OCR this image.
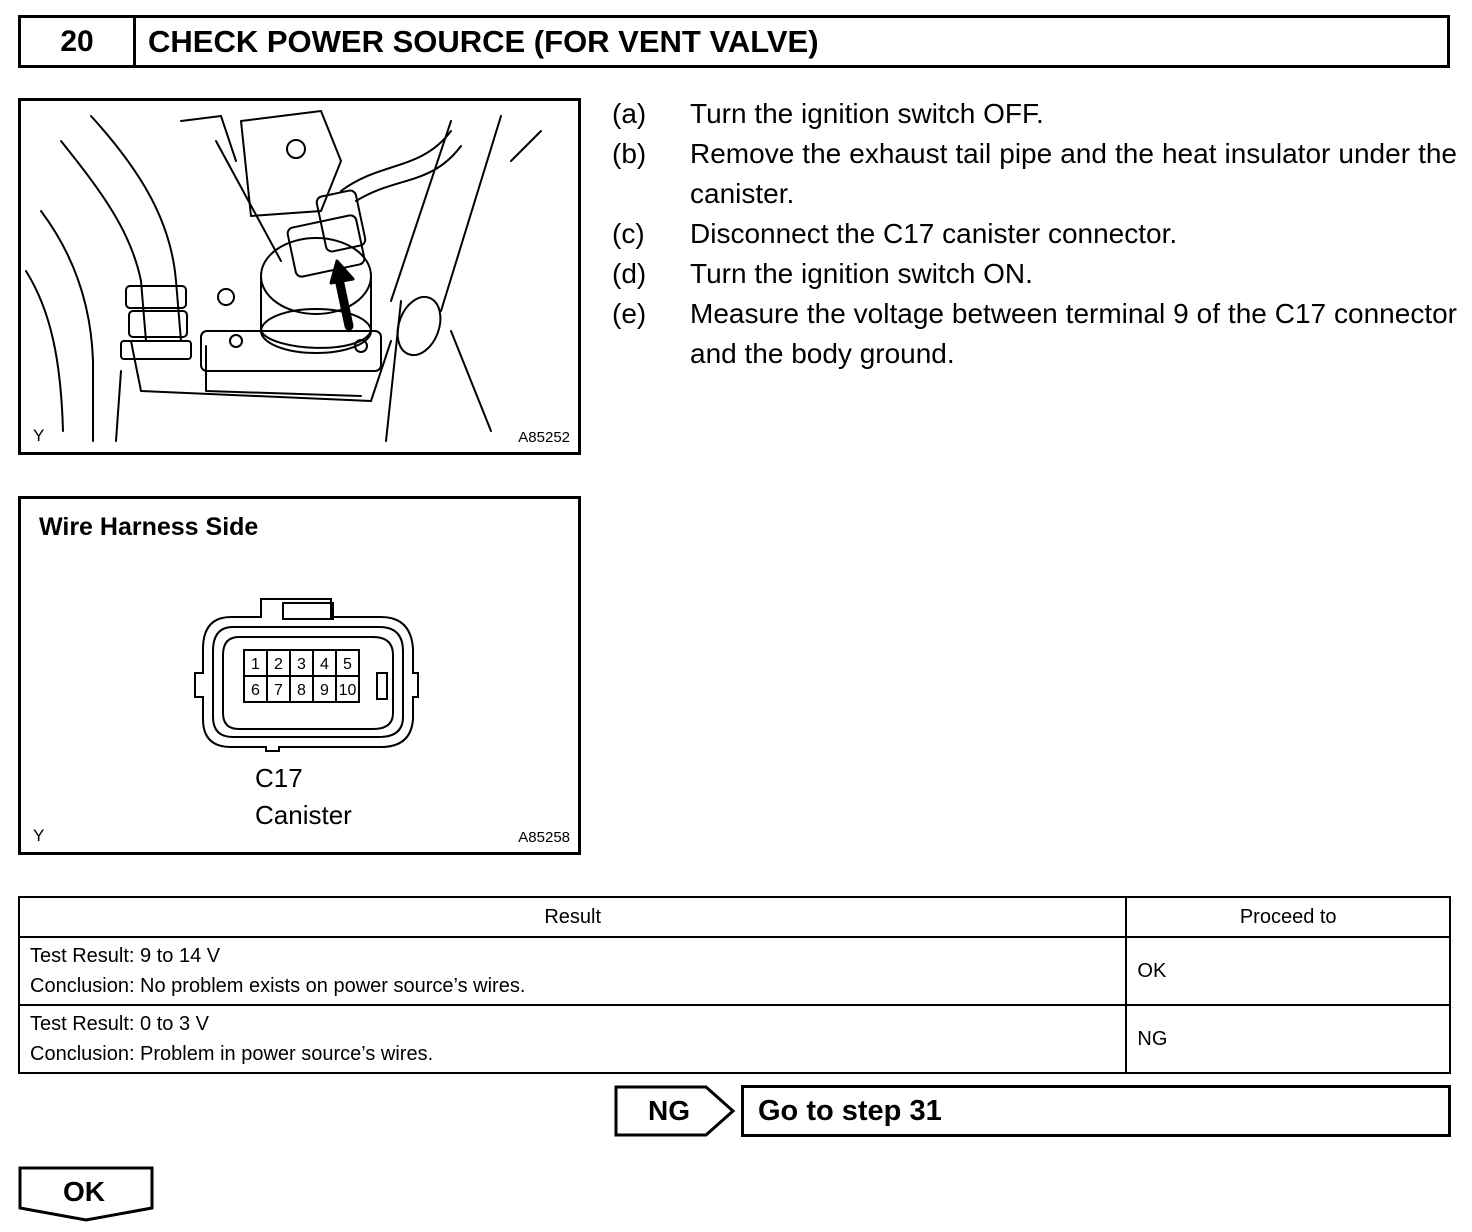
20	CHECK POWER SOURCE (FOR VENT VALVE)
Y	A85252
Wire Harness Side
1 2 3 4 5
6 7 8 9 10
C17
Canister
Y	A85258
(a)	Turn the ignition switch OFF.
(b)	Remove the exhaust tail pipe and the heat insulator under the canister.
(c)	Disconnect the C17 canister connector.
(d)	Turn the ignition switch ON.
(e)	Measure the voltage between terminal 9 of the C17 connector and the body ground.
Result	Proceed to

Test Result: 9 to 14 V
Conclusion: No problem exists on power source’s wires.	OK

Test Result: 0 to 3 V
Conclusion: Problem in power source’s wires.	NG
NG	Go to step 31
OK
